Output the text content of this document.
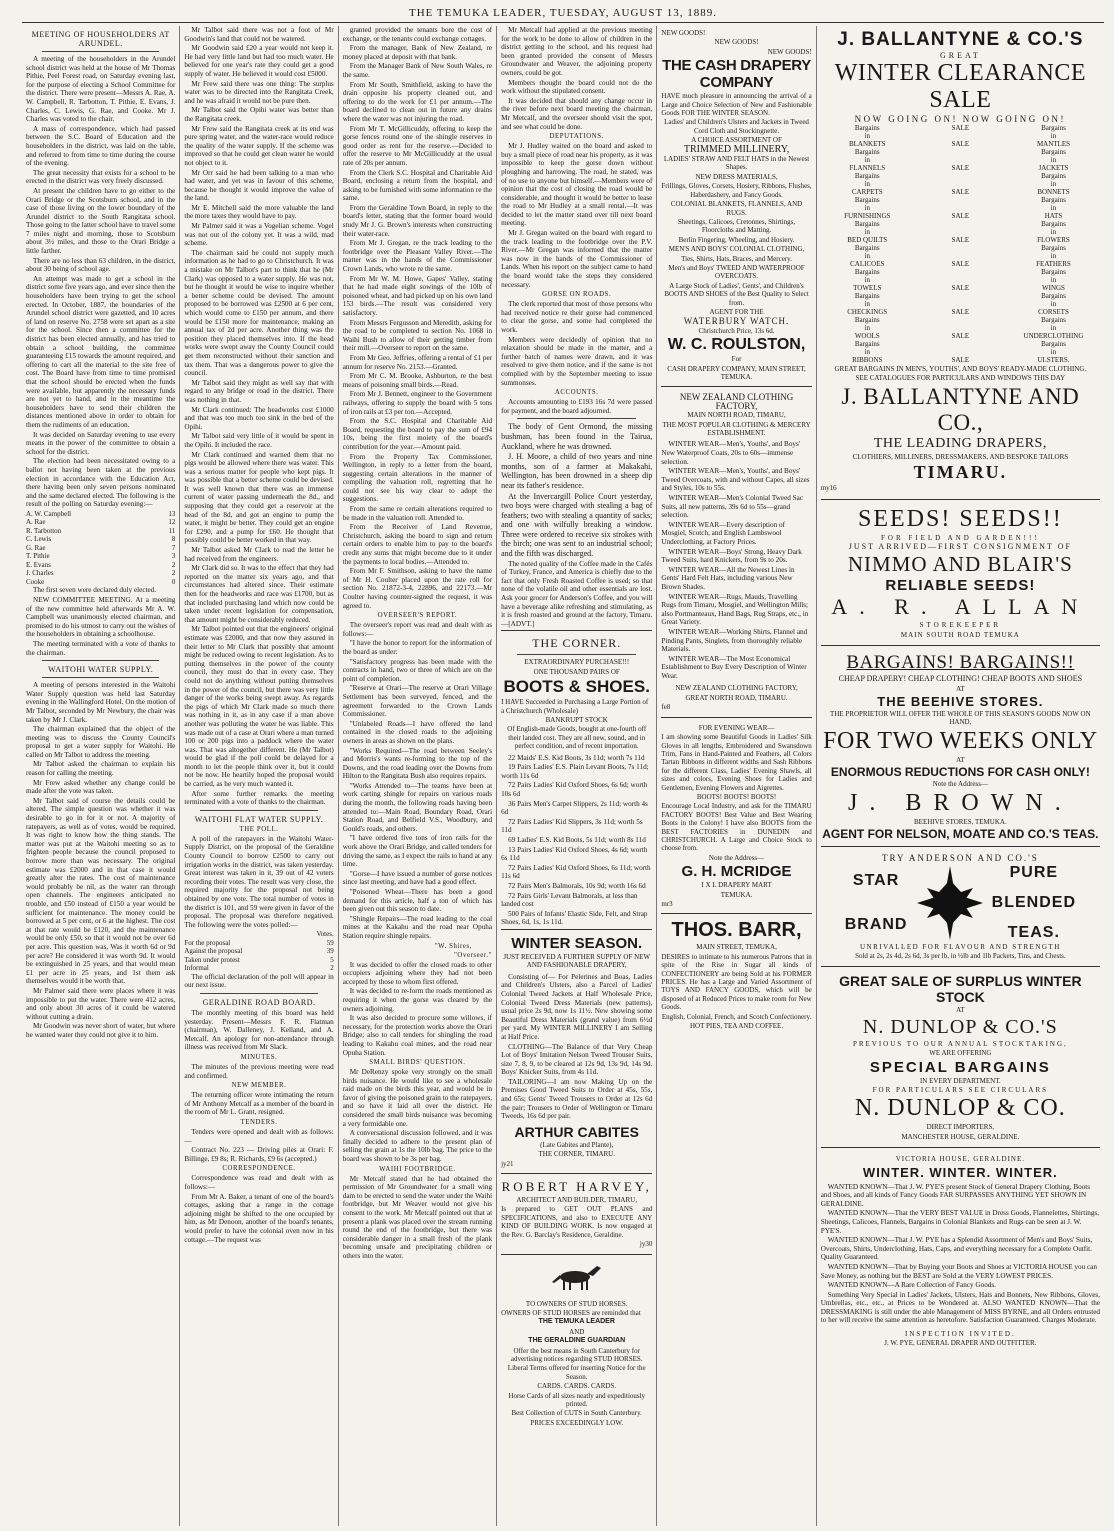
THE TEMUKA LEADER, TUESDAY, AUGUST 13, 1889.
MEETING OF HOUSEHOLDERS AT ARUNDEL.

A meeting of the householders in the Arundel school district was held at the house of Mr Thomas Pithie, Peel Forest road, on Saturday evening last, for the purpose of electing a School Committee for the district. There were present—Messrs A. Rae, A. W. Campbell, R. Tarbotton, T. Pithie, E. Evans, J. Charles, C. Lewis, G. Rae, and Cooke. Mr J. Charles was voted to the chair.

A mass of correspondence, which had passed between the S.C. Board of Education and the householders in the district, was laid on the table, and referred to from time to time during the course of the evening.

The great necessity that exists for a school to be erected in the district was very freely discussed.

At present the children have to go either to the Orari Bridge or the Scotsburn school, and in the case of those living on the lower boundary of the Arundel district to the South Rangitata school. Those going to the latter school have to travel some 7 miles night and morning, those to Scotsburn about 3½ miles, and those to the Orari Bridge a little farther.

There are no less than 63 children, in the district, about 30 being of school age.

An attempt was made to get a school in the district some five years ago, and ever since then the householders have been trying to get the school erected. In October, 1887, the boundaries of the Arundel school district were gazetted, and 10 acres of land on reserve No. 2758 were set apart as a site for the school. Since then a committee for the district has been elected annually, and has tried to obtain a school building, the committee guaranteeing £15 towards the amount required, and offering to cart all the material to the site free of cost. The Board have from time to time promised that the school should be erected when the funds were available, but apparently the necessary funds are not yet to hand, and in the meantime the householders have to send their children the distances mentioned above in order to obtain for them the rudiments of an education.

It was decided on Saturday evening to use every means in the power of the committee to obtain a school for the district.

The election had been necessitated owing to a ballot not having been taken at the previous election in accordance with the Education Act, there having been only seven persons nominated and the same declared elected. The following is the result of the polling on Saturday evening:—

A. W. Campbell	13
A. Rae	12
R. Tarbotton	11
C. Lewis	8
G. Rae	7
T. Pithie	3
E. Evans	2
J. Charles	2
Cooke	0

The first seven were declared duly elected.

NEW COMMITTEE MEETING. At a meeting of the new committee held afterwards Mr A. W. Campbell was unanimously elected chairman, and promised to do his utmost to carry out the wishes of the householders in obtaining a schoolhouse.

The meeting terminated with a vote of thanks to the chairman.

WAITOHI WATER SUPPLY.

A meeting of persons interested in the Waitohi Water Supply question was held last Saturday evening in the Wallingford Hotel. On the motion of Mr Talbot, seconded by Mr Newbury, the chair was taken by Mr J. Clark.

The chairman explained that the object of the meeting was to discuss the County Council's proposal to get a water supply for Waitohi. He called on Mr Talbot to address the meeting.

Mr Talbot asked the chairman to explain his reason for calling the meeting.

Mr Frew asked whether any change could be made after the vote was taken.

Mr Talbot said of course the details could be altered. The simple question was whether it was desirable to go in for it or not. A majority of ratepayers, as well as of votes, would be required. It was right to know how the thing stands. The matter was put at the Waitohi meeting so as to frighten people because the council proposed to borrow more than was necessary. The original estimate was £2000 and in that case it would greatly alter the rates. The cost of maintenance would probably be nil, as the water ran through open channels. The engineers anticipated no trouble, and £50 instead of £150 a year would be sufficient for maintenance. The money could be borrowed at 5 per cent, or 6 at the highest. The cost at that rate would be £120, and the maintenance would be only £50, so that it would not be over 6d per acre. This question was, Was it worth 6d or 9d per acre? He considered it was worth 9d. It would be extinguished in 25 years, and that would mean £1 per acre in 25 years, and 1st them ask themselves would it be worth that.

Mr Palmer said there were places where it was impossible to put the water. There were 412 acres, and only about 30 acres of it could be watered without cutting a drain.

Mr Goodwin was never short of water, but where he wanted water they could not give it to him.

Mr Talbot said there was not a foot of Mr Goodwin's land that could not be watered.

Mr Goodwin said £20 a year would not keep it. He had very little land but had too much water. He believed for one year's rate they could get a good supply of water. He believed it would cost £5000.

Mr Frew said there was one thing: The surplus water was to be directed into the Rangitata Creek, and he was afraid it would not be pure then.

Mr Talbot said the Opihi water was better than the Rangitata creek.

Mr Frew said the Rangitata creek at its end was pure spring water, and the water-race would reduce the quality of the water supply. If the scheme was improved so that he could get clean water he would not object to it.

Mr Orr said he had been talking to a man who had water, and yet was in favour of this scheme, because he thought it would improve the value of the land.

Mr E. Mitchell said the more valuable the land the more taxes they would have to pay.

Mr Palmer said it was a Vogelian scheme. Vogel was not out of the colony yet. It was a wild, mad scheme.

The chairman said he could not supply much information as he had to go to Christchurch. It was a mistake on Mr Talbot's part to think that he (Mr Clark) was opposed to a water supply. He was not, but he thought it would be wise to inquire whether a better scheme could be devised. The amount proposed to be borrowed was £2500 at 6 per cent, which would come to £150 per annum, and there would be £150 more for maintenance, making an annual tax of 2d per acre. Another thing was the position they placed themselves into. If the head works were swept away the County Council could get them reconstructed without their sanction and tax them. That was a dangerous power to give the council.

Mr Talbot said they might as well say that with regard to any bridge or road in the district. There was nothing in that.

Mr Clark continued: The headworks cost £1000 and that was too much too sink in the bed of the Opihi.

Mr Talbot said very little of it would be spent in the Opihi. It included the race.

Mr Clark continued and warned them that no pigs would be allowed where there was water. This was a serious matter for people who kept pigs. It was possible that a better scheme could be devised. It was well known that there was an immense current of water passing underneath the 8d., and supposing that they could get a reservoir at the head of the 8d, and got an engine to pump the water, it might be better. They could get an engine for £290, and a pump for £60. He thought that possibly could be better worked in that way.

Mr Talbot asked Mr Clark to read the letter he had received from the engineers.

Mr Clark did so. It was to the effect that they had reported on the matter six years ago, and that circumstances had altered since. Their estimate then for the headworks and race was £1700, but as that included purchasing land which now could be taken under recent legislation for compensation, that amount might be considerably reduced.

Mr Talbot pointed out that the engineers' original estimate was £2000, and that now they assured in their letter to Mr Clark that possibly that amount might be reduced owing to recent legislation. As to putting themselves in the power of the county council, they must do that in every case. They could not do anything without putting themselves in the power of the council, but there was very little danger of the works being swept away. As regards the pigs of which Mr Clark made so much there was nothing in it, as in any case if a man above another was polluting the water he was liable. This was made out of a case at Orari where a man turned 100 or 200 pigs into a paddock where the water was. That was altogether different. He (Mr Talbot) would be glad if the poll could be delayed for a month to let the people think over it, but it could not be now. He heartily hoped the proposal would be carried, as he very much wanted it.

After some further remarks the meeting terminated with a vote of thanks to the chairman.

WAITOHI FLAT WATER SUPPLY.
THE POLL.

A poll of the ratepayers in the Waitohi Water-Supply District, on the proposal of the Geraldine County Council to borrow £2500 to carry out irrigation works in the district, was taken yesterday. Great interest was taken in it, 39 out of 42 voters recording their votes. The result was very close, the required majority for the proposal not being obtained by one vote. The total number of votes in the district is 101, and 59 were given in favor of the proposal. The proposal was therefore negatived. The following were the votes polled:—

	Votes.
For the proposal	59
Against the proposal	39
Taken under protest	5
Informal	2

The official declaration of the poll will appear in our next issue.

GERALDINE ROAD BOARD.

The monthly meeting of this board was held yesterday. Present—Messrs F. R. Flatman (chairman), W. Dalleney, J. Kelland, and A. Metcalf. An apology for non-attendance through illness was received from Mr Slack.

MINUTES.

The minutes of the previous meeting were read and confirmed.

NEW MEMBER.

The returning officer wrote intimating the return of Mr Anthony Metcalf as a member of the board in the room of Mr L. Grant, resigned.

TENDERS.

Tenders were opened and dealt with as follows:—

Contract No. 223 — Driving piles at Orari: F. Billinge, £9 8s; R. Richards, £9 6s (accepted.)

CORRESPONDENCE.

Correspondence was read and dealt with as follows:—

From Mr A. Baker, a tenant of one of the board's cottages, asking that a range in the cottage adjoining might be shifted to the one occupied by him, as Mr Denoon, another of the board's tenants, would prefer to have the colonial oven now in his cottage.—The request was

granted provided the tenants bore the cost of exchange, or the tenants could exchange cottages.

From the manager, Bank of New Zealand, re money placed at deposit with that bank.

From the Manager Bank of New South Wales, re the same.

From Mr South, Smithfield, asking to have the drain opposite his property cleaned out, and offering to do the work for £1 per annum.—The board declined to clean out in future any drains where the water was not injuring the road.

From Mr T. McGillicuddy, offering to keep the gorse fences round one of the shingle reserves in good order as rent for the reserve.—Decided to offer the reserve to Mr McGillicuddy at the usual rate of 20s per annum.

From the Clerk S.C. Hospital and Charitable Aid Board, enclosing a return from the hospital, and asking to be furnished with some information re the same.

From the Geraldine Town Board, in reply to the board's letter, stating that the former board would study Mr J. G. Brown's interests when constructing their water-race.

From Mr J. Gregan, re the track leading to the footbridge over the Pleasant Valley River.—The matter was in the hands of the Commissioner Crown Lands, who wrote re the same.

From Mr W. M. Howe, Gapes' Valley, stating that he had made eight sowings of the 10lb of poisoned wheat, and had picked up on his own land 153 birds.—The result was considered very satisfactory.

From Messrs Fergusson and Meredith, asking for the road to be completed to section No. 1068 in Waihi Bush to allow of their getting timber from their mill.—Overseer to report on the same.

From Mr Geo. Jeffries, offering a rental of £1 per annum for reserve No. 2153.—Granted.

From Mr C. M. Brooke, Ashburton, re the best means of poisoning small birds.—Read.

From Mr J. Bennett, engineer to the Government railways, offering to supply the board with 5 tons of iron rails at £3 per ton.—Accepted.

From the S.C. Hospital and Charitable Aid Board, requesting the board to pay the sum of £94 10s, being the first moiety of the board's contribution for the year.—Amount paid.

From the Property Tax Commissioner, Wellington, in reply to a letter from the board, suggesting certain alterations in the manner of compiling the valuation roll, regretting that he could not see his way clear to adopt the suggestions.

From the same re certain alterations required to be made in the valuation roll. Attended to.

From the Receiver of Land Revenue, Christchurch, asking the board to sign and return certain orders to enable him to pay to the board's credit any sums that might become due to it under the payments to local bodies.—Attended to.

From Mr F. Smithson, asking to have the name of Mr H. Coulter placed upon the rate roll for section No. 21872-3-4, 22896, and 22173.—Mr Coulter having counter-signed the request, it was agreed to.

OVERSEER'S REPORT.

The overseer's report was read and dealt with as follows:—

"I have the honor to report for the information of the board as under:

"Satisfactory progress has been made with the contracts in hand, two or three of which are on the point of completion.

"Reserve at Orari—The reserve at Orari Village Settlement has been surveyed, fenced, and the agreement forwarded to the Crown Lands Commissioner.

"Unlabeled Roads—I have offered the land contained in the closed roads to the adjoining owners in areas as shown on the plans.

"Works Required—The road between Seeley's and Morris's wants re-forming to the top of the Downs, and the road leading over the Downs from Hilton to the Rangitata Bush also requires repairs.

"Works Attended to—The teams have been at work carting shingle for repairs on various roads during the month, the following roads having been attended to:—Main Road, Boundary Road, Orari Station Road, and Belfield V.S., Woodbury, and Gould's roads, and others.

"I have ordered five tons of iron rails for the work above the Orari Bridge, and called tenders for driving the same, as I expect the rails to hand at any time.

"Gorse—I have issued a number of gorse notices since last meeting, and have had a good effect.

"Poisoned Wheat—There has been a good demand for this article, half a ton of which has been given out this season to date.

"Shingle Repairs—The road leading to the coal mines at the Kakahu and the road near Opuha Station require shingle repairs.

"W. Shires,
"Overseer."

It was decided to offer the closed roads to other occupiers adjoining where they had not been accepted by those to whom first offered.

It was decided to re-form the roads mentioned as requiring it when the gorse was cleared by the owners adjoining.

It was also decided to procure some willows, if necessary, for the protection works above the Orari Bridge; also to call tenders for shingling the road leading to Kakahu coal mines, and the road near Opuha Station.

SMALL BIRDS' QUESTION.

Mr DeRenzy spoke very strongly on the small birds nuisance. He would like to see a wholesale raid made on the birds this year, and would be in favor of giving the poisoned grain to the ratepayers, and so have it laid all over the district. He considered the small birds nuisance was becoming a very formidable one.

A conversational discussion followed, and it was finally decided to adhere to the present plan of selling the grain at 1s the 10lb bag. The price to the board was shown to be 3s per bag.

WAIHI FOOTBRIDGE.

Mr Metcalf stated that he had obtained the permission of Mr Groundwater for a small wing dam to be erected to send the water under the Waihi footbridge, but Mr Weaver would not give his consent to the work. Mr Metcalf pointed out that at present a plank was placed over the stream running round the end of the footbridge, but there was considerable danger in a small fresh of the plank becoming unsafe and precipitating children or others into the water.

Mr Metcalf had applied at the previous meeting for the work to be done to allow of children in the district getting to the school, and his request had been granted provided the consent of Messrs Groundwater and Weaver, the adjoining property owners, could be got.

Members thought the board could not do the work without the stipulated consent.

It was decided that should any change occur in the river before next board meeting the chairman, Mr Metcalf, and the overseer should visit the spot, and see what could be done.

DEPUTATIONS.

Mr J. Hudley waited on the board and asked to buy a small piece of road near his property, as it was impossible to keep the gorse down without ploughing and harrowing. The road, he stated, was of no use to anyone but himself.—Members were of opinion that the cost of closing the road would be considerable, and thought it would be better to lease the road to Mr Hudley at a small rental.—It was decided to let the matter stand over till next board meeting.

Mr J. Gregan waited on the board with regard to the track leading to the footbridge over the P.V. River.—Mr Gregan was informed that the matter was now in the hands of the Commissioner of Lands. When his report on the subject came to hand the board would take the steps they considered necessary.

GORSE ON ROADS.

The clerk reported that most of those persons who had received notice re their gorse had commenced to clear the gorse, and some had completed the work.

Members were decidedly of opinion that no relaxation should be made in the matter, and a further batch of names were drawn, and it was resolved to give them notice, and if the same is not complied with by the September meeting to issue summonses.

ACCOUNTS.

Accounts amounting to £193 16s 7d were passed for payment, and the board adjourned.

The body of Gent Ormond, the missing bushman, has been found in the Tairua, Auckland, where he was drowned.

J. H. Moore, a child of two years and nine months, son of a farmer at Makakahi, Wellington, has been drowned in a sheep dip near its father's residence.

At the Invercargill Police Court yesterday, two boys were charged with stealing a bag of feathers; two with stealing a quantity of sacks; and one with wilfully breaking a window. Three were ordered to receive six strokes with the birch; one was sent to an industrial school; and the fifth was discharged.

The noted quality of the Coffee made in the Cafés of Turkey, France, and America is chiefly due to the fact that only Fresh Roasted Coffee is used; so that none of the volatile oil and other essentials are lost. Ask your grocer for Anderson's Coffee, and you will have a beverage alike refreshing and stimulating, as it is fresh roasted and ground at the factory, Timaru.—[ADVT.]

THE CORNER.

EXTRAORDINARY PURCHASE!!!

ONE THOUSAND PAIRS OF

BOOTS & SHOES.

I HAVE Succeeded in Purchasing a Large Portion of a Christchurch (Wholesale)

BANKRUPT STOCK

Of English-made Goods, bought at one-fourth off their landed cost. They are all new, sound, and in perfect condition, and of recent importation.

22 Maids' E.S. Kid Boots, 3s 11d; worth 7s 11d

19 Pairs Ladies' E.S. Plain Levant Boots, 7s 11d; worth 11s 6d

72 Pairs Ladies' Kid Oxford Shoes, 6s 6d; worth 10s 6d

36 Pairs Men's Carpet Slippers, 2s 11d; worth 4s 6d

72 Pairs Ladies' Kid Slippers, 3s 11d; worth 5s 11d

69 Ladies' E.S. Kid Boots, 5s 11d; worth 8s 11d

13 Pairs Ladies' Kid Oxford Shoes, 4s 6d; worth 6s 11d

72 Pairs Ladies' Kid Oxford Shoes, 6s 11d; worth 11s 6d

72 Pairs Men's Balmorals, 10s 9d; worth 16s 6d

72 Pairs Girls' Levant Balmorals, at less than landed cost

500 Pairs of Infants' Elastic Side, Felt, and Strap Shoes, 6d, 1s, 1s 11d.

WINTER SEASON.

JUST RECEIVED A FURTHER SUPPLY OF NEW AND FASHIONABLE DRAPERY,

Consisting of— For Pelerines and Boas, Ladies and Children's Ulsters, also a Parcel of Ladies' Colonial Tweed Jackets at Half Wholesale Price, Colonial Tweed Dress Materials (new patterns), usual price 2s 9d, now 1s 11½. New showing some Beautiful Dress Materials (grand value) from 6½d per yard. My WINTER MILLINERY I am Selling at Half Price.

CLOTHING—The Balance of that Very Cheap Lot of Boys' Imitation Nelson Tweed Trouser Suits, size 7, 8, 9, to be cleared at 12s 9d, 13s 9d, 14s 9d. Boys' Knicker Suits, from 4s 11d.

TAILORING—I am now Making Up on the Premises Good Tweed Suits to Order at 45s, 55s, and 65s; Gents' Tweed Trousers to Order at 12s 6d the pair; Trousers to Order of Wellington or Timaru Tweeds, 16s 6d per pair.

ARTHUR CABITES

(Late Gabites and Plante),

THE CORNER, TIMARU.

jy21

ROBERT HARVEY,

ARCHITECT AND BUILDER, TIMARU,

Is prepared to GET OUT PLANS and SPECIFICATIONS, and also to EXECUTE ANY KIND OF BUILDING WORK. Is now engaged at the Rev. G. Barclay's Residence, Geraldine.

jy30

TO OWNERS OF STUD HORSES.

OWNERS OF STUD HORSES are reminded that

THE TEMUKA LEADER

AND

THE GERALDINE GUARDIAN

Offer the best means in South Canterbury for advertising notices regarding STUD HORSES.

Liberal Terms offered for inserting Notice for the Season.

CARDS. CARDS. CARDS.

Horse Cards of all sizes neatly and expeditiously printed.

Best Collection of CUTS in South Canterbury.

PRICES EXCEEDINGLY LOW.

NEW GOODS!

NEW GOODS!

NEW GOODS!

THE CASH DRAPERY COMPANY

HAVE much pleasure in announcing the arrival of a Large and Choice Selection of New and Fashionable Goods FOR THE WINTER SEASON.

Ladies' and Children's Ulsters and Jackets in Tweed Cord Cloth and Stockingnette.

A CHOICE ASSORTMENT OF

TRIMMED MILLINERY,

LADIES' STRAW AND FELT HATS in the Newest Shapes.

NEW DRESS MATERIALS,

Frillings, Gloves, Corsets, Hosiery, Ribbons, Flushes, Haberdashery, and Fancy Goods.

COLONIAL BLANKETS, FLANNELS, AND RUGS.

Sheetings, Calicoes, Cretonnes, Shirtings, Floorcloths and Matting.

Berlin Fingering, Wheeling, and Hosiery.

MEN'S AND BOYS' COLONIAL CLOTHING,

Ties, Shirts, Hats, Braces, and Mercery.

Men's and Boys' TWEED AND WATERPROOF OVERCOATS.

A Large Stock of Ladies', Gents', and Children's BOOTS AND SHOES of the Best Quality to Select from.

AGENT FOR THE

WATERBURY WATCH.

Christchurch Price, 13s 6d.

W. C. ROULSTON,

For

CASH DRAPERY COMPANY, MAIN STREET, TEMUKA.

NEW ZEALAND CLOTHING FACTORY,

MAIN NORTH ROAD, TIMARU,

THE MOST POPULAR CLOTHING & MERCERY ESTABLISHMENT.

WINTER WEAR—Men's, Youths', and Boys' New Waterproof Coats, 20s to 60s—immense selection.

WINTER WEAR—Men's, Youths', and Boys' Tweed Overcoats, with and without Capes, all sizes and Styles, 10s to 55s.

WINTER WEAR—Men's Colonial Tweed Sac Suits, all new patterns, 39s 6d to 55s—grand selection.

WINTER WEAR—Every description of Mosgiel, Scotch, and English Lambswool Underclothing, at Factory Prices.

WINTER WEAR—Boys' Strong, Heavy Dark Tweed Suits, hard Knickers, from 9s to 20s.

WINTER WEAR—All the Newest Lines in Gents' Hard Felt Hats, including various New Brown Shades.

WINTER WEAR—Rugs, Mauds, Travelling Rugs from Timaru, Mosgiel, and Wellington Mills; also Portmanteaux, Hand Bags, Rug Straps, etc., in Great Variety.

WINTER WEAR—Working Shirts, Flannel and Pinding Pants, Singlets, from thoroughly reliable Materials.

WINTER WEAR—The Most Economical Establishment to Buy Every Description of Winter Wear.

NEW ZEALAND CLOTHING FACTORY,

GREAT NORTH ROAD, TIMARU.

fe8

FOR EVENING WEAR—

I am showing some Beautiful Goods in Ladies' Silk Gloves in all lengths, Embroidered and Swansdown Trim, Fans in Hand-Painted and Feathers, all Colors Tartan Ribbons in different widths and Sash Ribbons for the different Class, Ladies' Evening Shawls, all sizes and colors, Evening Shoes for Ladies and Gentlemen, Evening Flowers and Aigrettes.

BOOTS! BOOTS! BOOTS!

Encourage Local Industry, and ask for the TIMARU FACTORY BOOTS! Best Value and Best Wearing Boots in the Colony! I have also BOOTS from the BEST FACTORIES in DUNEDIN and CHRISTCHURCH. A Large and Choice Stock to choose from.

Note the Address—

G. H. MCRIDGE

I X L DRAPERY MART

TEMUKA.

mr3

THOS. BARR,

MAIN STREET, TEMUKA,

DESIRES to intimate to his numerous Patrons that in spite of the Rise in Sugar all kinds of CONFECTIONERY are being Sold at his FORMER PRICES. He has a Large and Varied Assortment of TOYS AND FANCY GOODS, which will be disposed of at Reduced Prices to make room for New Goods.

English, Colonial, French, and Scotch Confectionery.

HOT PIES, TEA AND COFFEE.

J. BALLANTYNE & CO.'S
GREAT
WINTER CLEARANCE SALE
NOW GOING ON! NOW GOING ON!
Bargains
in
BLANKETS
Bargains
in
FLANNELS
Bargains
in
CARPETS
Bargains
in
FURNISHINGS
Bargains
in
BED QUILTS
Bargains
in
CALICOES
Bargains
in
TOWELS
Bargains
in
CHECKINGS
Bargains
in
WOOLS
Bargains
in
RIBBONS
SALE

SALE

SALE

SALE

SALE

SALE

SALE

SALE

SALE

SALE

SALE
Bargains
in
MANTLES
Bargains
in
JACKETS
Bargains
in
BONNETS
Bargains
in
HATS
Bargains
in
FLOWERS
Bargains
in
FEATHERS
Bargains
in
WINGS
Bargains
in
CORSETS
Bargains
in
UNDERCLOTHING
Bargains
in
ULSTERS.

GREAT BARGAINS IN MEN'S, YOUTHS', AND BOYS' READY-MADE CLOTHING.

SEE CATALOGUES FOR PARTICULARS AND WINDOWS THIS DAY

J. BALLANTYNE AND CO.,
THE LEADING DRAPERS,

CLOTHIERS, MILLINERS, DRESSMAKERS, AND BESPOKE TAILORS

TIMARU.

my16

SEEDS! SEEDS!!

FOR FIELD AND GARDEN!!!

JUST ARRIVED—FIRST CONSIGNMENT OF

NIMMO AND BLAIR'S
RELIABLE SEEDS!
A. R. ALLAN

STOREKEEPER

MAIN SOUTH ROAD TEMUKA

BARGAINS! BARGAINS!!

CHEAP DRAPERY! CHEAP CLOTHING! CHEAP BOOTS AND SHOES

AT

THE BEEHIVE STORES.

THE PROPRIETOR WILL OFFER THE WHOLE OF THIS SEASON'S GOODS NOW ON HAND,

FOR TWO WEEKS ONLY

AT

ENORMOUS REDUCTIONS FOR CASH ONLY!

Note the Address—

J. BROWN.

BEEHIVE STORES, TEMUKA.

AGENT FOR NELSON, MOATE AND CO.'S TEAS.

TRY ANDERSON AND CO.'S

STAR
BRAND
PURE
BLENDED
TEAS.

UNRIVALLED FOR FLAVOUR AND STRENGTH

Sold at 2s, 2s 4d, 2s 6d, 3s per lb, in ½lb and 1lb Packets, Tins, and Chests.

GREAT SALE OF SURPLUS WINTER STOCK

AT

N. DUNLOP & CO.'S

PREVIOUS TO OUR ANNUAL STOCKTAKING,

WE ARE OFFERING

SPECIAL BARGAINS

IN EVERY DEPARTMENT.

FOR PARTICULARS SEE CIRCULARS

N. DUNLOP & CO.

DIRECT IMPORTERS,

MANCHESTER HOUSE, GERALDINE.

VICTORIA HOUSE, GERALDINE.

WINTER. WINTER. WINTER.

WANTED KNOWN—That J. W. PYE'S present Stock of General Drapery Clothing, Boots and Shoes, and all kinds of Fancy Goods FAR SURPASSES ANYTHING YET SHOWN IN GERALDINE.

WANTED KNOWN—That the VERY BEST VALUE in Dress Goods, Flannelettes, Shirtings, Sheetings, Calicoes, Flannels, Bargains in Colonial Blankets and Rugs can be seen at J. W. PYE'S.

WANTED KNOWN—That J. W. PYE has a Splendid Assortment of Men's and Boys' Suits, Overcoats, Shirts, Underclothing, Hats, Caps, and everything necessary for a Complete Outfit. Quality Guaranteed.

WANTED KNOWN—That by Buying your Boots and Shoes at VICTORIA HOUSE you can Save Money, as nothing but the BEST are Sold at the VERY LOWEST PRICES.

WANTED KNOWN—A Rare Collection of Fancy Goods.

Something Very Special in Ladies' Jackets, Ulsters, Hats and Bonnets, New Ribbons, Gloves, Umbrellas, etc., etc., at Prices to be Wondered at. ALSO WANTED KNOWN—That the DRESSMAKING is still under the able Management of MISS BYRNE, and all Orders entrusted to her will receive the same attention as heretofore. Satisfaction Guaranteed. Charges Moderate.

INSPECTION INVITED.

J. W. PYE, GENERAL DRAPER AND OUTFITTER.
